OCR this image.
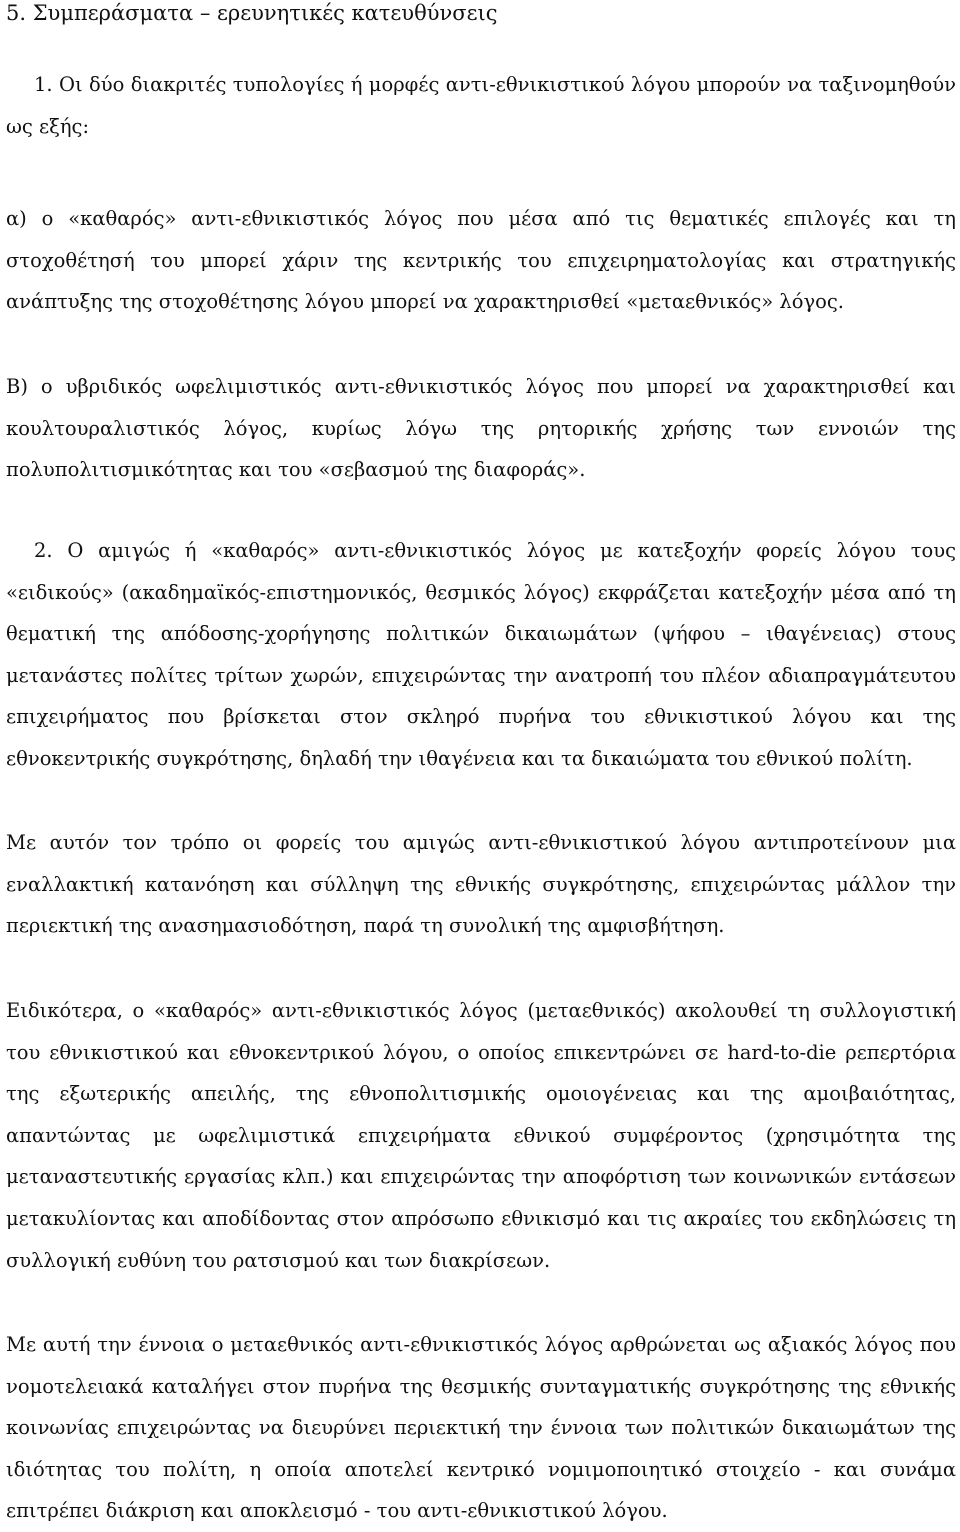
5. Συμπεράσματα – ερευνητικές κατευθύνσεις

1. Οι δύο διακριτές τυπολογίες ή μορφές αντι-εθνικιστικού λόγου μπορούν να ταξινομηθούν ως εξής:

α) ο «καθαρός» αντι-εθνικιστικός λόγος που μέσα από τις θεματικές επιλογές και τη στοχοθέτησή του μπορεί χάριν της κεντρικής του επιχειρηματολογίας και στρατηγικής ανάπτυξης της στοχοθέτησης λόγου μπορεί να χαρακτηρισθεί «μεταεθνικός» λόγος.

Β) ο υβριδικός ωφελιμιστικός αντι-εθνικιστικός λόγος που μπορεί να χαρακτηρισθεί και κουλτουραλιστικός λόγος, κυρίως λόγω της ρητορικής χρήσης των εννοιών της πολυπολιτισμικότητας και του «σεβασμού της διαφοράς».

2. Ο αμιγώς ή «καθαρός» αντι-εθνικιστικός λόγος με κατεξοχήν φορείς λόγου τους «ειδικούς» (ακαδημαϊκός-επιστημονικός, θεσμικός λόγος) εκφράζεται κατεξοχήν μέσα από τη θεματική της απόδοσης-χορήγησης πολιτικών δικαιωμάτων (ψήφου – ιθαγένειας) στους μετανάστες πολίτες τρίτων χωρών, επιχειρώντας την ανατροπή του πλέον αδιαπραγμάτευτου επιχειρήματος που βρίσκεται στον σκληρό πυρήνα του εθνικιστικού λόγου και της εθνοκεντρικής συγκρότησης, δηλαδή την ιθαγένεια και τα δικαιώματα του εθνικού πολίτη.

Με αυτόν τον τρόπο οι φορείς του αμιγώς αντι-εθνικιστικού λόγου αντιπροτείνουν μια εναλλακτική κατανόηση και σύλληψη της εθνικής συγκρότησης, επιχειρώντας μάλλον την περιεκτική της ανασημασιοδότηση, παρά τη συνολική της αμφισβήτηση.

Ειδικότερα, ο «καθαρός» αντι-εθνικιστικός λόγος (μεταεθνικός) ακολουθεί τη συλλογιστική του εθνικιστικού και εθνοκεντρικού λόγου, ο οποίος επικεντρώνει σε hard-to-die ρεπερτόρια της εξωτερικής απειλής, της εθνοπολιτισμικής ομοιογένειας και της αμοιβαιότητας, απαντώντας με ωφελιμιστικά επιχειρήματα εθνικού συμφέροντος (χρησιμότητα της μεταναστευτικής εργασίας κλπ.) και επιχειρώντας την αποφόρτιση των κοινωνικών εντάσεων μετακυλίοντας και αποδίδοντας στον απρόσωπο εθνικισμό και τις ακραίες του εκδηλώσεις τη συλλογική ευθύνη του ρατσισμού και των διακρίσεων.

Με αυτή την έννοια ο μεταεθνικός αντι-εθνικιστικός λόγος αρθρώνεται ως αξιακός λόγος που νομοτελειακά καταλήγει στον πυρήνα της θεσμικής συνταγματικής συγκρότησης της εθνικής κοινωνίας επιχειρώντας να διευρύνει περιεκτική την έννοια των πολιτικών δικαιωμάτων της ιδιότητας του πολίτη, η οποία αποτελεί κεντρικό νομιμοποιητικό στοιχείο - και συνάμα επιτρέπει διάκριση και αποκλεισμό - του αντι-εθνικιστικού λόγου.
